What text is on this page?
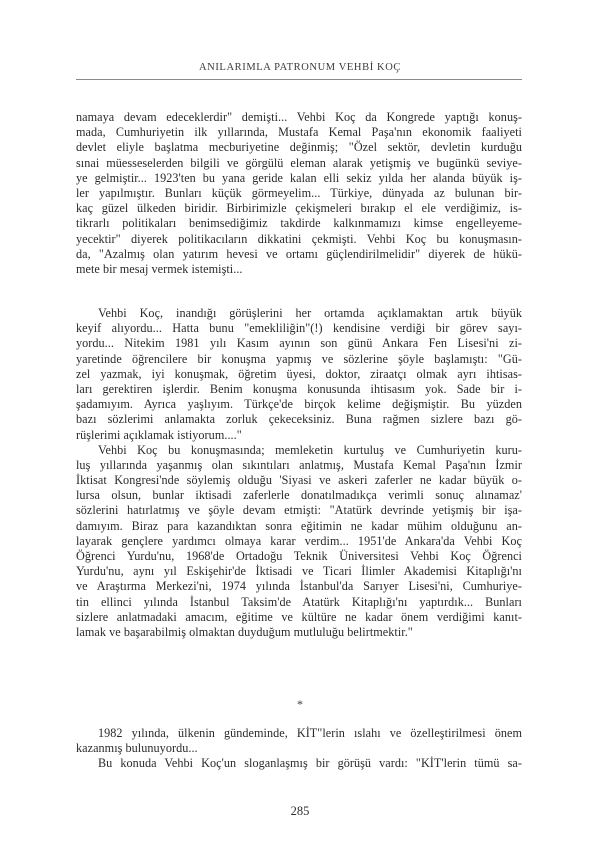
ANILARIMLA PATRONUM VEHBİ KOÇ
namaya devam edeceklerdir" demişti... Vehbi Koç da Kongrede yaptığı konuş-
mada, Cumhuriyetin ilk yıllarında, Mustafa Kemal Paşa'nın ekonomik faaliyeti
devlet eliyle başlatma mecburiyetine değinmiş; "Özel sektör, devletin kurduğu
sınai müesseselerden bilgili ve görgülü eleman alarak yetişmiş ve bugünkü seviye-
ye gelmiştir... 1923'ten bu yana geride kalan elli sekiz yılda her alanda büyük iş-
ler yapılmıştır. Bunları küçük görmeyelim... Türkiye, dünyada az bulunan bir-
kaç güzel ülkeden biridir. Birbirimizle çekişmeleri bırakıp el ele verdiğimiz, is-
tikrarlı politikaları benimsediğimiz takdirde kalkınmamızı kimse engelleyeme-
yecektir" diyerek politikacıların dikkatini çekmişti. Vehbi Koç bu konuşmasın-
da, "Azalmış olan yatırım hevesi ve ortamı güçlendirilmelidir" diyerek de hükü-
mete bir mesaj vermek istemişti...
Vehbi Koç, inandığı görüşlerini her ortamda açıklamaktan artık büyük
keyif alıyordu... Hatta bunu "emekliliğin"(!) kendisine verdiği bir görev sayı-
yordu... Nitekim 1981 yılı Kasım ayının son günü Ankara Fen Lisesi'ni zi-
yaretinde öğrencilere bir konuşma yapmış ve sözlerine şöyle başlamıştı: "Gü-
zel yazmak, iyi konuşmak, öğretim üyesi, doktor, ziraatçı olmak ayrı ihtisas-
ları gerektiren işlerdir. Benim konuşma konusunda ihtisasım yok. Sade bir i-
şadamıyım. Ayrıca yaşlıyım. Türkçe'de birçok kelime değişmiştir. Bu yüzden
bazı sözlerimi anlamakta zorluk çekeceksiniz. Buna rağmen sizlere bazı gö-
rüşlerimi açıklamak istiyorum...."
Vehbi Koç bu konuşmasında; memleketin kurtuluş ve Cumhuriyetin kuru-
luş yıllarında yaşanmış olan sıkıntıları anlatmış, Mustafa Kemal Paşa'nın İzmir
İktisat Kongresi'nde söylemiş olduğu 'Siyasi ve askeri zaferler ne kadar büyük o-
lursa olsun, bunlar iktisadi zaferlerle donatılmadıkça verimli sonuç alınamaz'
sözlerini hatırlatmış ve şöyle devam etmişti: "Atatürk devrinde yetişmiş bir işa-
damıyım. Biraz para kazandıktan sonra eğitimin ne kadar mühim olduğunu an-
layarak gençlere yardımcı olmaya karar verdim... 1951'de Ankara'da Vehbi Koç
Öğrenci Yurdu'nu, 1968'de Ortadoğu Teknik Üniversitesi Vehbi Koç Öğrenci
Yurdu'nu, aynı yıl Eskişehir'de İktisadi ve Ticari İlimler Akademisi Kitaplığı'nı
ve Araştırma Merkezi'ni, 1974 yılında İstanbul'da Sarıyer Lisesi'ni, Cumhuriye-
tin ellinci yılında İstanbul Taksim'de Atatürk Kitaplığı'nı yaptırdık... Bunları
sizlere anlatmadaki amacım, eğitime ve kültüre ne kadar önem verdiğimi kanıt-
lamak ve başarabilmiş olmaktan duyduğum mutluluğu belirtmektir."
*
1982 yılında, ülkenin gündeminde, KİT"lerin ıslahı ve özelleştirilmesi önem
kazanmış bulunuyordu...
Bu konuda Vehbi Koç'un sloganlaşmış bir görüşü vardı: "KİT'lerin tümü sa-
285
